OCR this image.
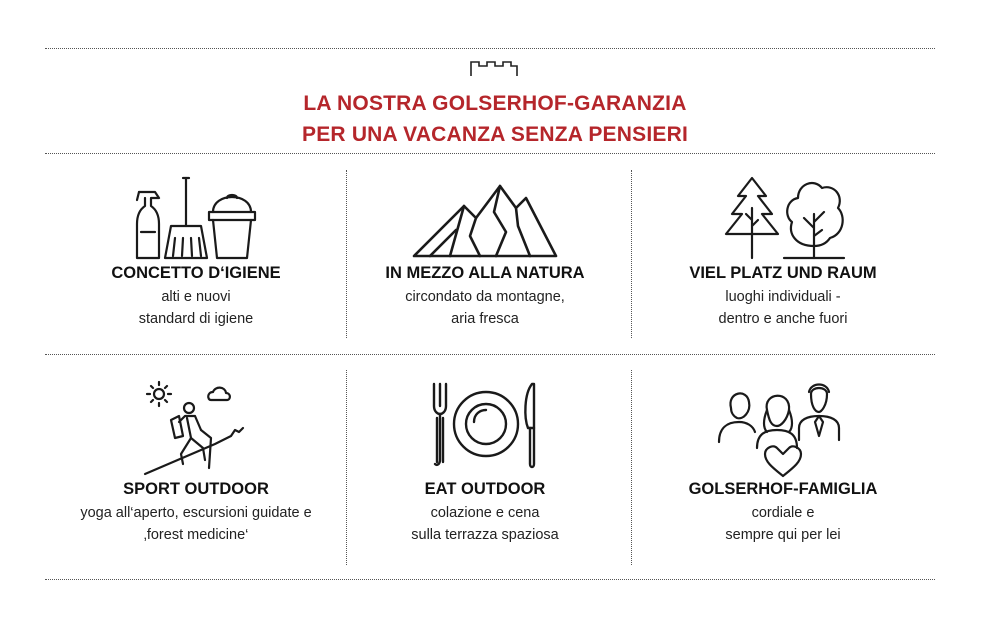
LA NOSTRA GOLSERHOF-GARANZIA
PER UNA VACANZA SENZA PENSIERI
CONCETTO D‘IGIENE

alti e nuovi
standard di igiene

IN MEZZO ALLA NATURA

circondato da montagne,
aria fresca

VIEL PLATZ UND RAUM

luoghi individuali -
dentro e anche fuori

SPORT OUTDOOR

yoga all‘aperto, escursioni guidate e
‚forest medicine‘

EAT OUTDOOR

colazione e cena
sulla terrazza spaziosa

GOLSERHOF-FAMIGLIA

cordiale e
sempre qui per lei
